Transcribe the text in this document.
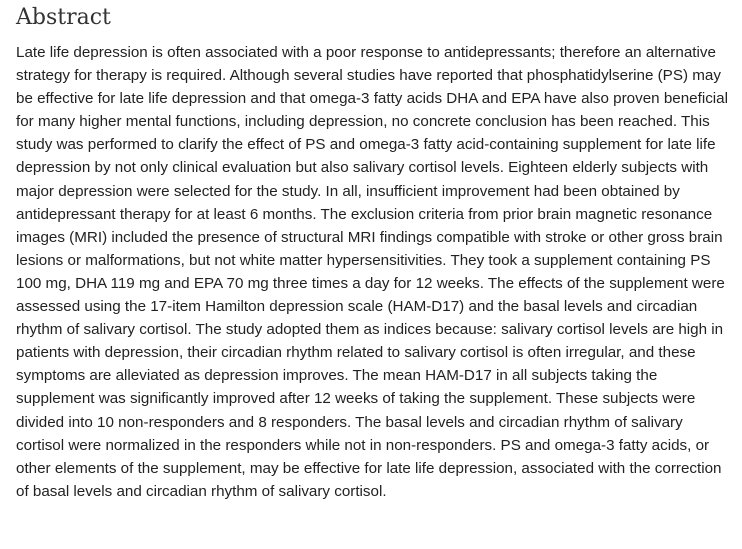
Abstract

Late life depression is often associated with a poor response to antidepressants; therefore an alternative strategy for therapy is required. Although several studies have reported that phosphatidylserine (PS) may be effective for late life depression and that omega-3 fatty acids DHA and EPA have also proven beneficial for many higher mental functions, including depression, no concrete conclusion has been reached. This study was performed to clarify the effect of PS and omega-3 fatty acid-containing supplement for late life depression by not only clinical evaluation but also salivary cortisol levels. Eighteen elderly subjects with major depression were selected for the study. In all, insufficient improvement had been obtained by antidepressant therapy for at least 6 months. The exclusion criteria from prior brain magnetic resonance images (MRI) included the presence of structural MRI findings compatible with stroke or other gross brain lesions or malformations, but not white matter hypersensitivities. They took a supplement containing PS 100 mg, DHA 119 mg and EPA 70 mg three times a day for 12 weeks. The effects of the supplement were assessed using the 17-item Hamilton depression scale (HAM-D17) and the basal levels and circadian rhythm of salivary cortisol. The study adopted them as indices because: salivary cortisol levels are high in patients with depression, their circadian rhythm related to salivary cortisol is often irregular, and these symptoms are alleviated as depression improves. The mean HAM-D17 in all subjects taking the supplement was significantly improved after 12 weeks of taking the supplement. These subjects were divided into 10 non-responders and 8 responders. The basal levels and circadian rhythm of salivary cortisol were normalized in the responders while not in non-responders. PS and omega-3 fatty acids, or other elements of the supplement, may be effective for late life depression, associated with the correction of basal levels and circadian rhythm of salivary cortisol.
